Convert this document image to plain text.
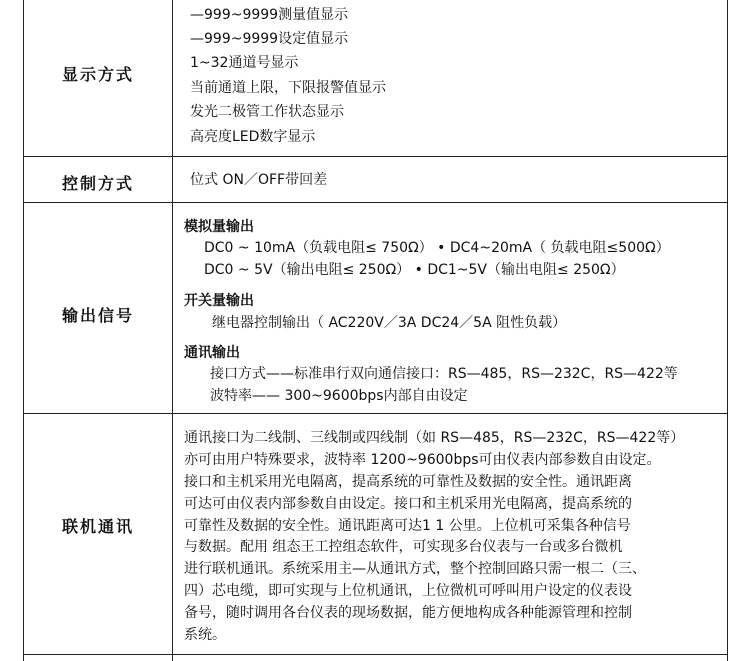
显示方式
—999~9999测量值显示
—999~9999设定值显示
1~32通道号显示
当前通道上限，下限报警值显示
发光二极管工作状态显示
高亮度LED数字显示
控制方式	位式 ON／OFF带回差
输出信号
模拟量输出
DC0 ~ 10mA（负载电阻≤ 750Ω） • DC4~20mA（ 负载电阻≤500Ω）
DC0 ~ 5V（输出电阻≤ 250Ω） • DC1~5V（输出电阻≤ 250Ω）
开关量输出
继电器控制输出（ AC220V／3A DC24／5A 阻性负载）
通讯输出
接口方式——标准串行双向通信接口：RS—485，RS—232C，RS—422等
波特率—— 300~9600bps内部自由设定
联机通讯
通讯接口为二线制、三线制或四线制（如 RS—485，RS—232C，RS—422等）
亦可由用户特殊要求，波特率 1200~9600bps可由仪表内部参数自由设定。
接口和主机采用光电隔离，提高系统的可靠性及数据的安全性。通讯距离
可达可由仪表内部参数自由设定。接口和主机采用光电隔离，提高系统的
可靠性及数据的安全性。通讯距离可达1 1 公里。上位机可采集各种信号
与数据。配用 组态王工控组态软件，可实现多台仪表与一台或多台微机
进行联机通讯。系统采用主—从通讯方式，整个控制回路只需一根二（三、
四）芯电缆，即可实现与上位机通讯，上位微机可呼叫用户设定的仪表设
备号，随时调用各台仪表的现场数据，能方便地构成各种能源管理和控制
系统。
